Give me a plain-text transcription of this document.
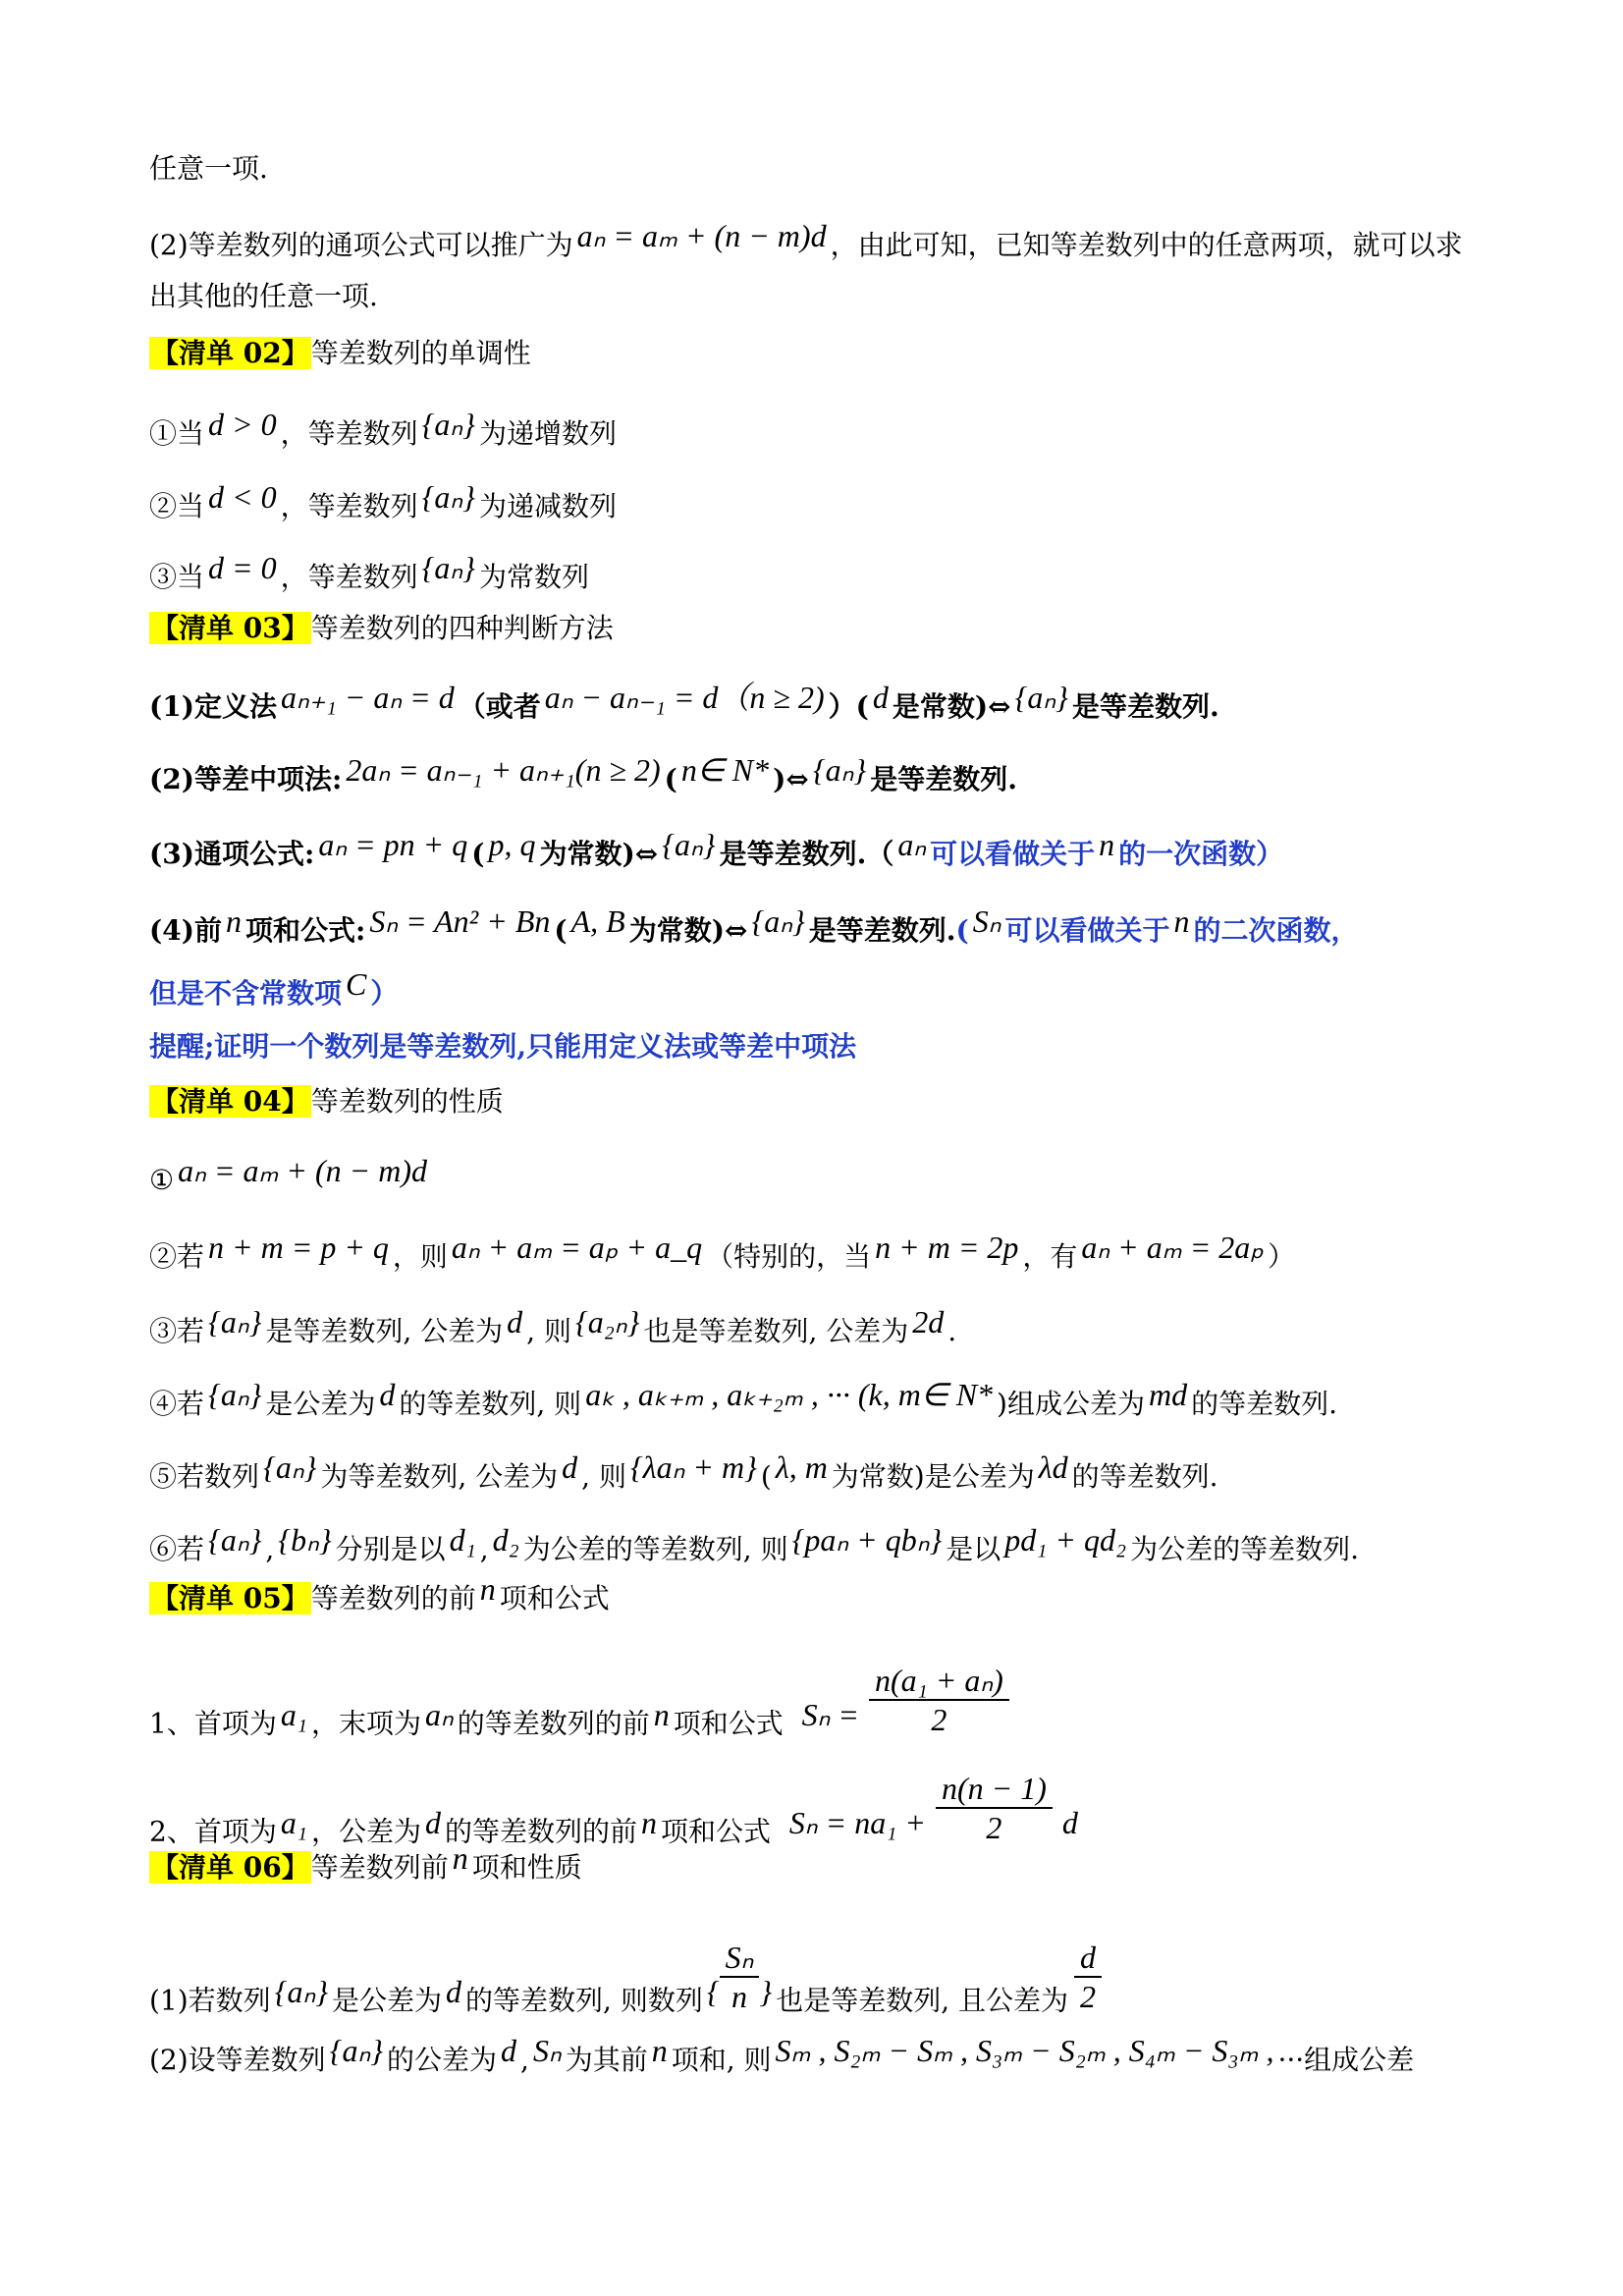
任意一项.
(2)等差数列的通项公式可以推广为 aₙ = aₘ + (n − m)d ，由此可知，已知等差数列中的任意两项，就可以求
出其他的任意一项.
【清单 02】等差数列的单调性
①当 d > 0 ，等差数列 {aₙ} 为递增数列
②当 d < 0 ，等差数列 {aₙ} 为递减数列
③当 d = 0 ，等差数列 {aₙ} 为常数列
【清单 03】等差数列的四种判断方法
(1)定义法 aₙ₊₁ − aₙ = d （或者 aₙ − aₙ₋₁ = d（n ≥ 2) ）( d 是常数)⇔ {aₙ} 是等差数列.
(2)等差中项法: 2aₙ = aₙ₋₁ + aₙ₊₁(n ≥ 2) ( n∈ N* )⇔ {aₙ} 是等差数列.
(3)通项公式: aₙ = pn + q ( p, q 为常数)⇔ {aₙ} 是等差数列.（ aₙ 可以看做关于 n 的一次函数）
(4)前 n 项和公式: Sₙ = An² + Bn ( A, B 为常数)⇔ {aₙ} 是等差数列.( Sₙ 可以看做关于 n 的二次函数，
但是不含常数项 C ）
提醒;证明一个数列是等差数列,只能用定义法或等差中项法
【清单 04】等差数列的性质
① aₙ = aₘ + (n − m)d
②若 n + m = p + q ，则 aₙ + aₘ = aₚ + a_q （特别的，当 n + m = 2p ，有 aₙ + aₘ = 2aₚ ）
③若 {aₙ} 是等差数列, 公差为 d , 则 {a₂ₙ} 也是等差数列, 公差为 2d .
④若 {aₙ} 是公差为 d 的等差数列, 则 aₖ , aₖ₊ₘ , aₖ₊₂ₘ , ··· (k, m∈ N* )组成公差为 md 的等差数列.
⑤若数列 {aₙ} 为等差数列, 公差为 d , 则 {λaₙ + m} ( λ, m 为常数)是公差为 λd 的等差数列.
⑥若 {aₙ} , {bₙ} 分别是以 d₁ , d₂ 为公差的等差数列, 则 {paₙ + qbₙ} 是以 pd₁ + qd₂ 为公差的等差数列.
【清单 05】等差数列的前 n 项和公式
1、首项为 a₁ ，末项为 aₙ 的等差数列的前 n 项和公式 $S_n = \frac{\text{n(a₁ + aₙ)}}{2}$
2、首项为 a₁ ，公差为 d 的等差数列的前 n 项和公式 $S_n = na_1 + \frac{n(n - 1)}{2}$ d
【清单 06】等差数列前 n 项和性质
(1)若数列 {aₙ} 是公差为 d 的等差数列, 则数列 { $\frac{\text{Sₙ}}{n}$ } 也是等差数列, 且公差为 $\frac{d}{2}$
(2)设等差数列 {aₙ} 的公差为 d , Sₙ 为其前 n 项和, 则 Sₘ , S₂ₘ − Sₘ , S₃ₘ − S₂ₘ , S₄ₘ − S₃ₘ , ···组成公差
